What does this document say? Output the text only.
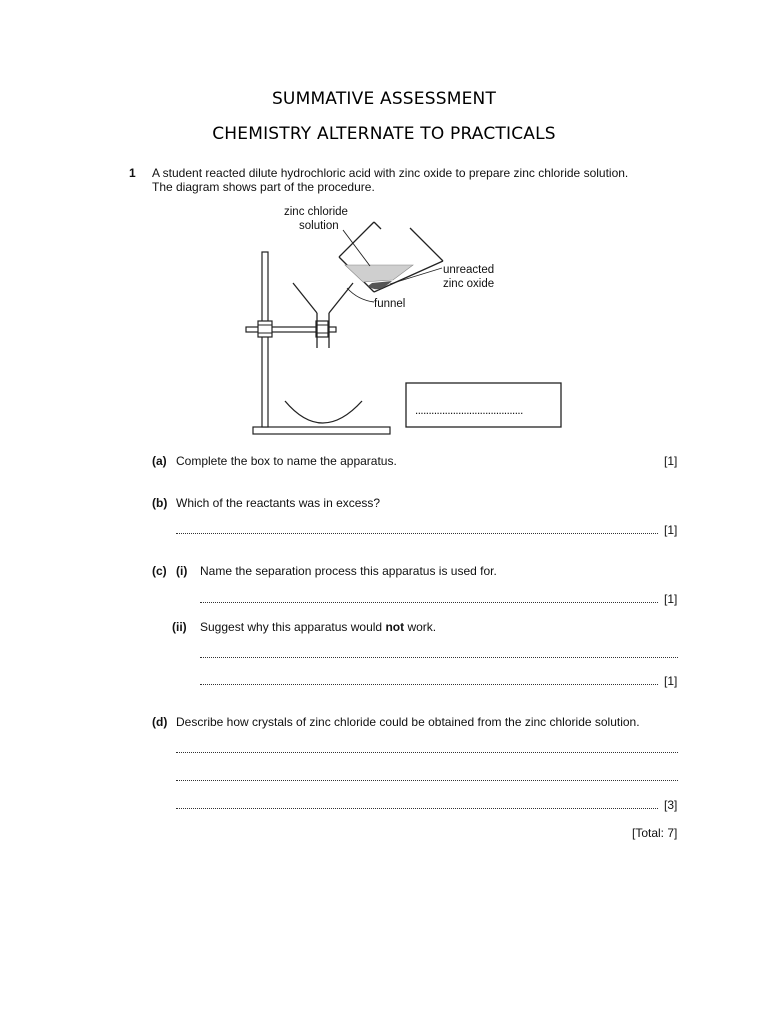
SUMMATIVE ASSESSMENT
CHEMISTRY ALTERNATE TO PRACTICALS
1 A student reacted dilute hydrochloric acid with zinc oxide to prepare zinc chloride solution.
The diagram shows part of the procedure.
zinc chloride
solution
unreacted
zinc oxide
funnel
........................................
(a) Complete the box to name the apparatus.	[1]
(b) Which of the reactants was in excess?
[1]
(c) (i) Name the separation process this apparatus is used for.
[1]
(ii) Suggest why this apparatus would not work.
[1]
(d) Describe how crystals of zinc chloride could be obtained from the zinc chloride solution.
[3]
[Total: 7]
